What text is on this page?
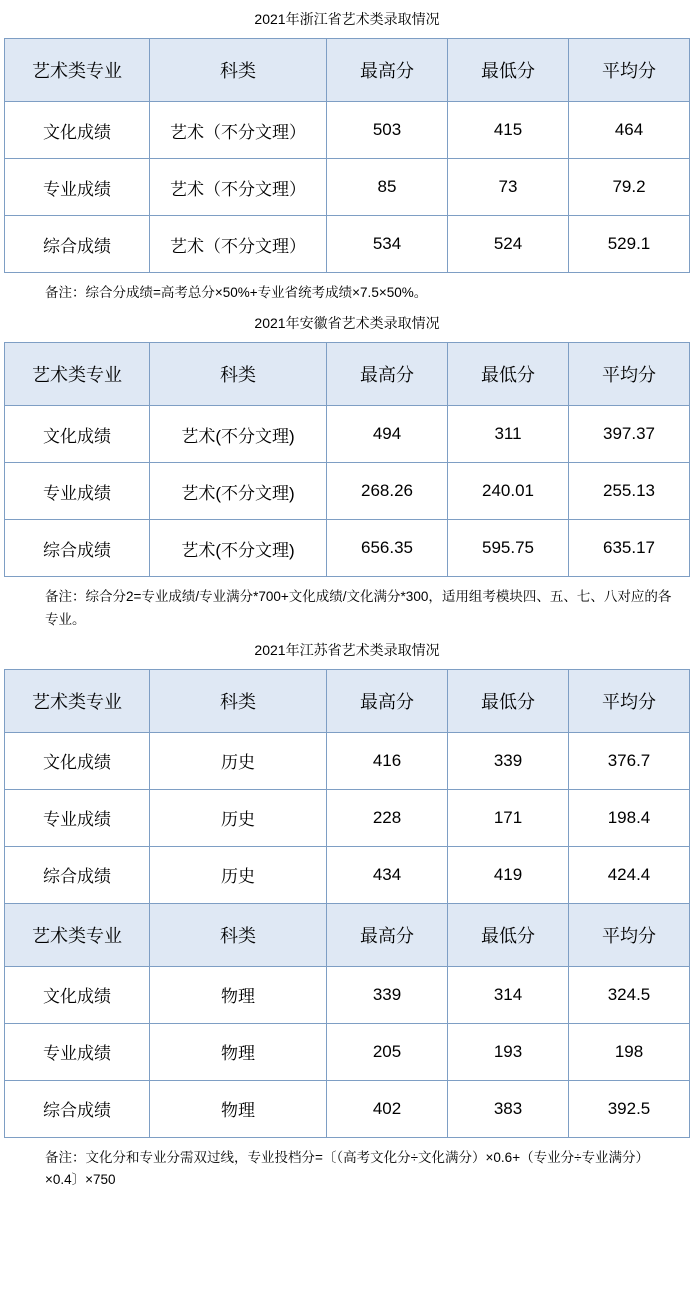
2021年浙江省艺术类录取情况
艺术类专业	科类	最高分	最低分	平均分
文化成绩	艺术（不分文理）	503	415	464
专业成绩	艺术（不分文理）	85	73	79.2
综合成绩	艺术（不分文理）	534	524	529.1
备注：综合分成绩=高考总分×50%+专业省统考成绩×7.5×50%。
2021年安徽省艺术类录取情况
艺术类专业	科类	最高分	最低分	平均分
文化成绩	艺术(不分文理)	494	311	397.37
专业成绩	艺术(不分文理)	268.26	240.01	255.13
综合成绩	艺术(不分文理)	656.35	595.75	635.17
备注：综合分2=专业成绩/专业满分*700+文化成绩/文化满分*300，适用组考模块四、五、七、八对应的各专业。
2021年江苏省艺术类录取情况
艺术类专业	科类	最高分	最低分	平均分
文化成绩	历史	416	339	376.7
专业成绩	历史	228	171	198.4
综合成绩	历史	434	419	424.4
艺术类专业	科类	最高分	最低分	平均分
文化成绩	物理	339	314	324.5
专业成绩	物理	205	193	198
综合成绩	物理	402	383	392.5
备注：文化分和专业分需双过线，专业投档分=〔（高考文化分÷文化满分）×0.6+（专业分÷专业满分）×0.4〕×750
